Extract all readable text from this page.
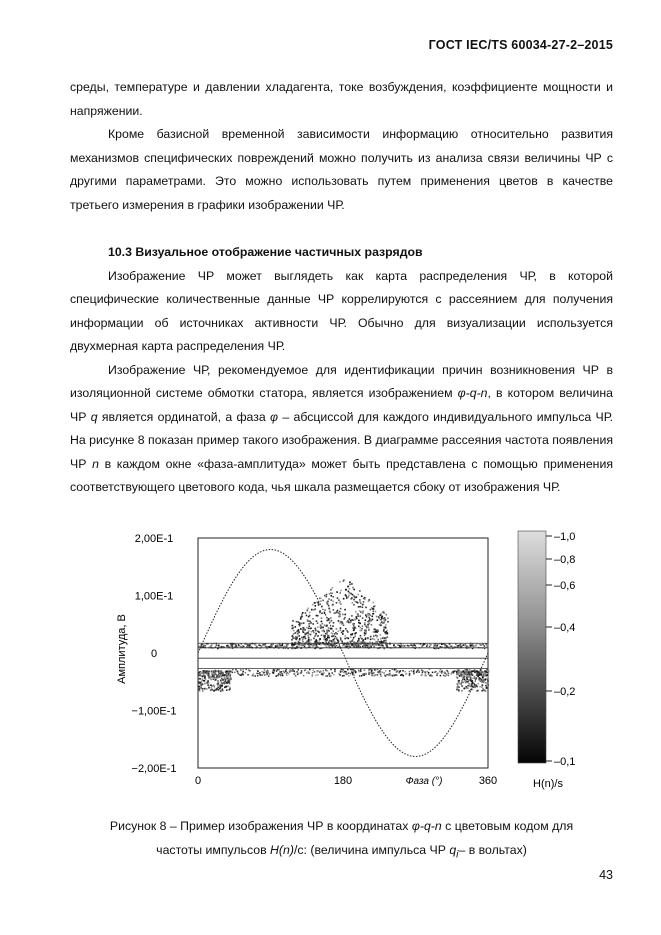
ГОСТ IEC/TS 60034-27-2–2015

среды, температуре и давлении хладагента, токе возбуждения, коэффициенте мощности и напряжении.

Кроме базисной временной зависимости информацию относительно развития механизмов специфических повреждений можно получить из анализа связи величины ЧР с другими параметрами. Это можно использовать путем применения цветов в качестве третьего измерения в графики изображении ЧР.

10.3 Визуальное отображение частичных разрядов

Изображение ЧР может выглядеть как карта распределения ЧР, в которой специфические количественные данные ЧР коррелируются с рассеянием для получения информации об источниках активности ЧР. Обычно для визуализации используется двухмерная карта распределения ЧР.

Изображение ЧР, рекомендуемое для идентификации причин возникновения ЧР в изоляционной системе обмотки статора, является изображением φ-q-n, в котором величина ЧР q является ординатой, а фаза φ – абсциссой для каждого индивидуального импульса ЧР. На рисунке 8 показан пример такого изображения. В диаграмме рассеяния частота появления ЧР n в каждом окне «фаза-амплитуда» может быть представлена с помощью применения соответствующего цветового кода, чья шкала размещается сбоку от изображения ЧР.

2,00E-1
1,00E-1
0
−1,00E-1
−2,00E-1
0	180	360
–1,0
–0,8
–0,6
–0,4
–0,2
–0,1
Амплитуда, В
Фаза (°)	H(n)/s
Рисунок 8 – Пример изображения ЧР в координатах φ-q-n с цветовым кодом для
частоты импульсов H(n)/с: (величина импульса ЧР $q_i-$ в вольтах)
43
